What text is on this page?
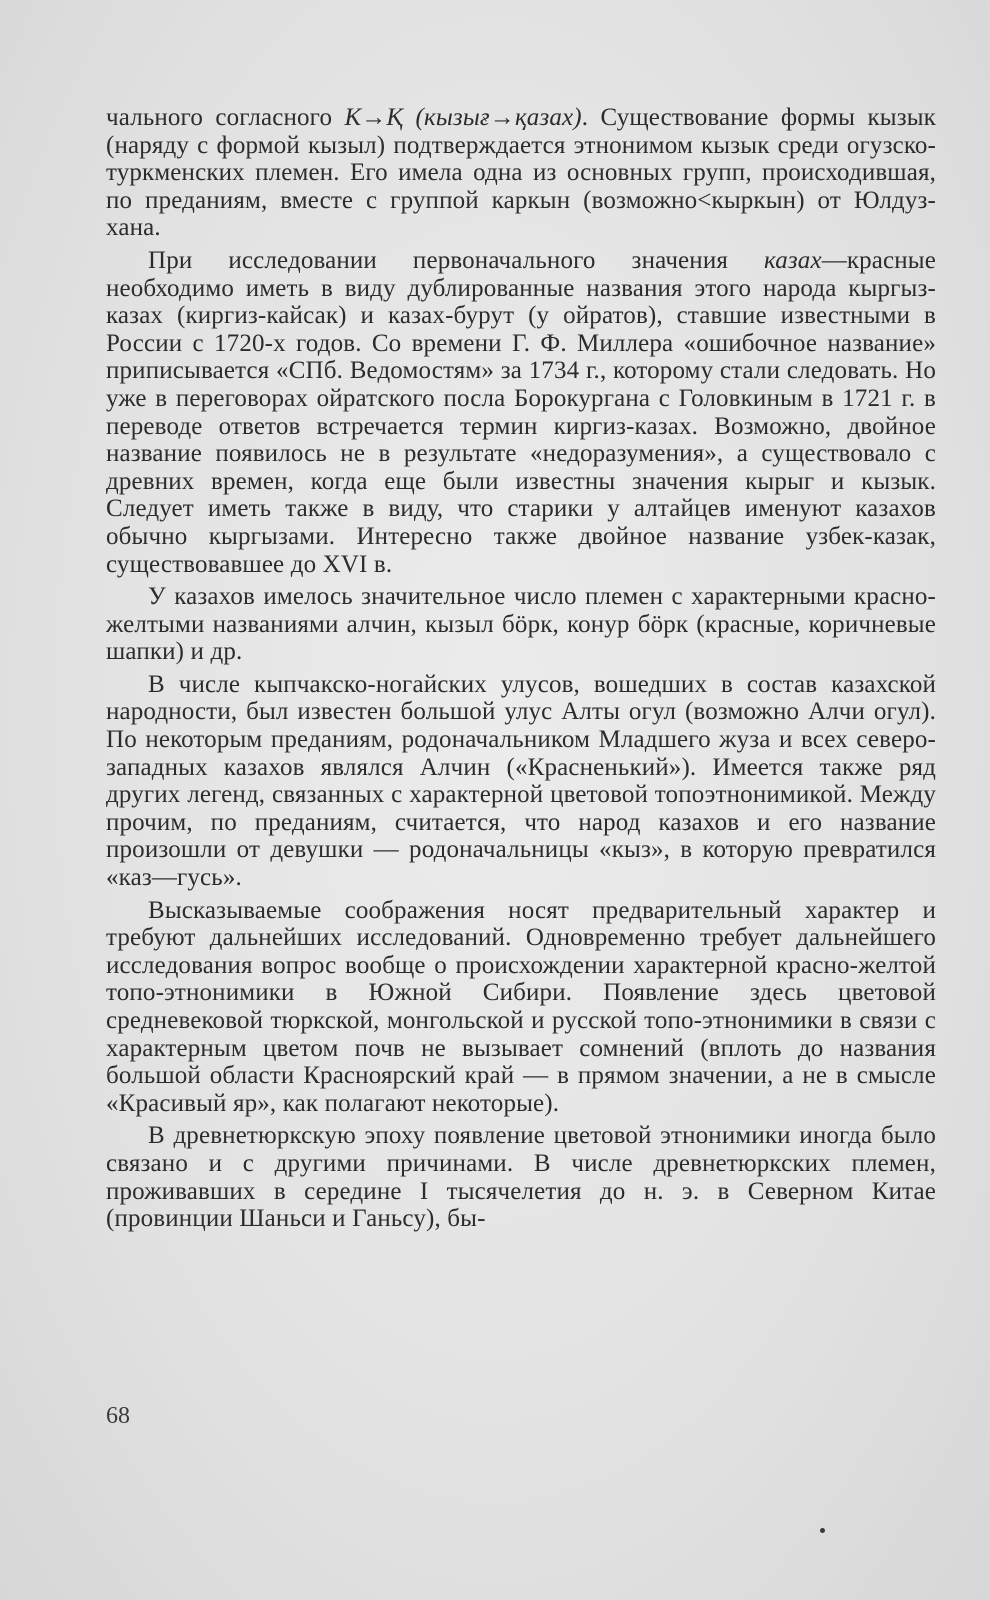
чального согласного К→Қ (кызығ→қазах). Существование формы кызык (наряду с формой кызыл) подтверждается этнонимом кызык среди огузско-туркменских племен. Его имела одна из основных групп, происходившая, по преданиям, вместе с группой каркын (возможно<кыркын) от Юлдуз-хана.

При исследовании первоначального значения казах—красные необходимо иметь в виду дублированные названия этого народа кыргыз-казах (киргиз-кайсак) и казах-бурут (у ойратов), ставшие известными в России с 1720-х годов. Со времени Г. Ф. Миллера «ошибочное название» приписывается «СПб. Ведомостям» за 1734 г., которому стали следовать. Но уже в переговорах ойратского посла Борокургана с Головкиным в 1721 г. в переводе ответов встречается термин киргиз-казах. Возможно, двойное название появилось не в результате «недоразумения», а существовало с древних времен, когда еще были известны значения кырыг и кызык. Следует иметь также в виду, что старики у алтайцев именуют казахов обычно кыргызами. Интересно также двойное название узбек-казак, существовавшее до XVI в.

У казахов имелось значительное число племен с характерными красно-желтыми названиями алчин, кызыл бӧрк, конур бӧрк (красные, коричневые шапки) и др.

В числе кыпчакско-ногайских улусов, вошедших в состав казахской народности, был известен большой улус Алты огул (возможно Алчи огул). По некоторым преданиям, родоначальником Младшего жуза и всех северо-западных казахов являлся Алчин («Красненький»). Имеется также ряд других легенд, связанных с характерной цветовой топоэтнонимикой. Между прочим, по преданиям, считается, что народ казахов и его название произошли от девушки — родоначальницы «кыз», в которую превратился «каз—гусь».

Высказываемые соображения носят предварительный характер и требуют дальнейших исследований. Одновременно требует дальнейшего исследования вопрос вообще о происхождении характерной красно-желтой топо-этнонимики в Южной Сибири. Появление здесь цветовой средневековой тюркской, монгольской и русской топо-этнонимики в связи с характерным цветом почв не вызывает сомнений (вплоть до названия большой области Красноярский край — в прямом значении, а не в смысле «Красивый яр», как полагают некоторые).

В древнетюркскую эпоху появление цветовой этнонимики иногда было связано и с другими причинами. В числе древнетюркских племен, проживавших в середине I тысячелетия до н. э. в Северном Китае (провинции Шаньси и Ганьсу), бы-

68
